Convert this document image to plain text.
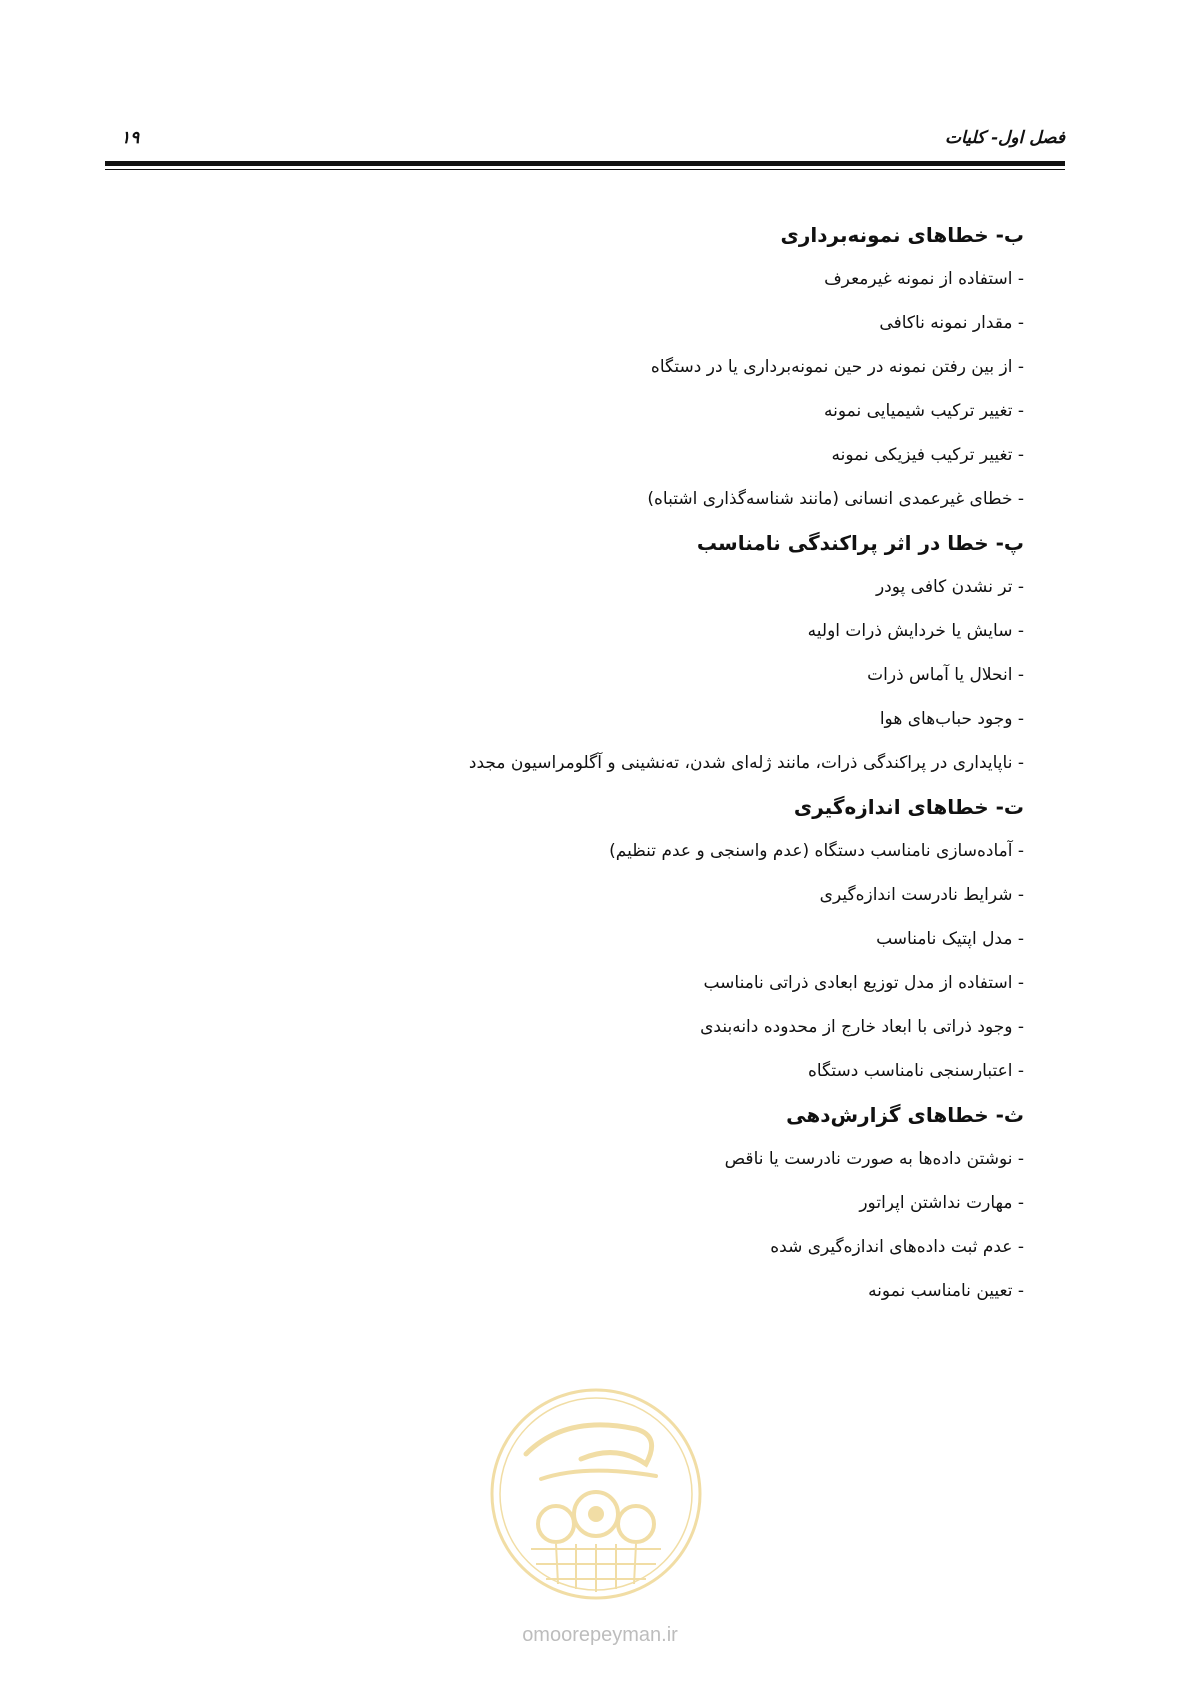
فصل اول- کلیات
۱۹
ب- خطاهای نمونه‌برداری
- استفاده از نمونه غیرمعرف
- مقدار نمونه ناکافی
- از بین رفتن نمونه در حین نمونه‌برداری یا در دستگاه
- تغییر ترکیب شیمیایی نمونه
- تغییر ترکیب فیزیکی نمونه
- خطای غیرعمدی انسانی (مانند شناسه‌گذاری اشتباه)
پ- خطا در اثر پراکندگی نامناسب
- تر نشدن کافی پودر
- سایش یا خردایش ذرات اولیه
- انحلال یا آماس ذرات
- وجود حباب‌های هوا
- ناپایداری در پراکندگی ذرات، مانند ژله‌ای شدن، ته‌نشینی و آگلومراسیون مجدد
ت- خطاهای اندازه‌گیری
- آماده‌سازی نامناسب دستگاه (عدم واسنجی و عدم تنظیم)
- شرایط نادرست اندازه‌گیری
- مدل اپتیک نامناسب
- استفاده از مدل توزیع ابعادی ذراتی نامناسب
- وجود ذراتی با ابعاد خارج از محدوده دانه‌بندی
- اعتبارسنجی نامناسب دستگاه
ث- خطاهای گزارش‌دهی
- نوشتن داده‌ها به صورت نادرست یا ناقص
- مهارت نداشتن اپراتور
- عدم ثبت داده‌های اندازه‌گیری شده
- تعیین نامناسب نمونه
omoorepeyman.ir
